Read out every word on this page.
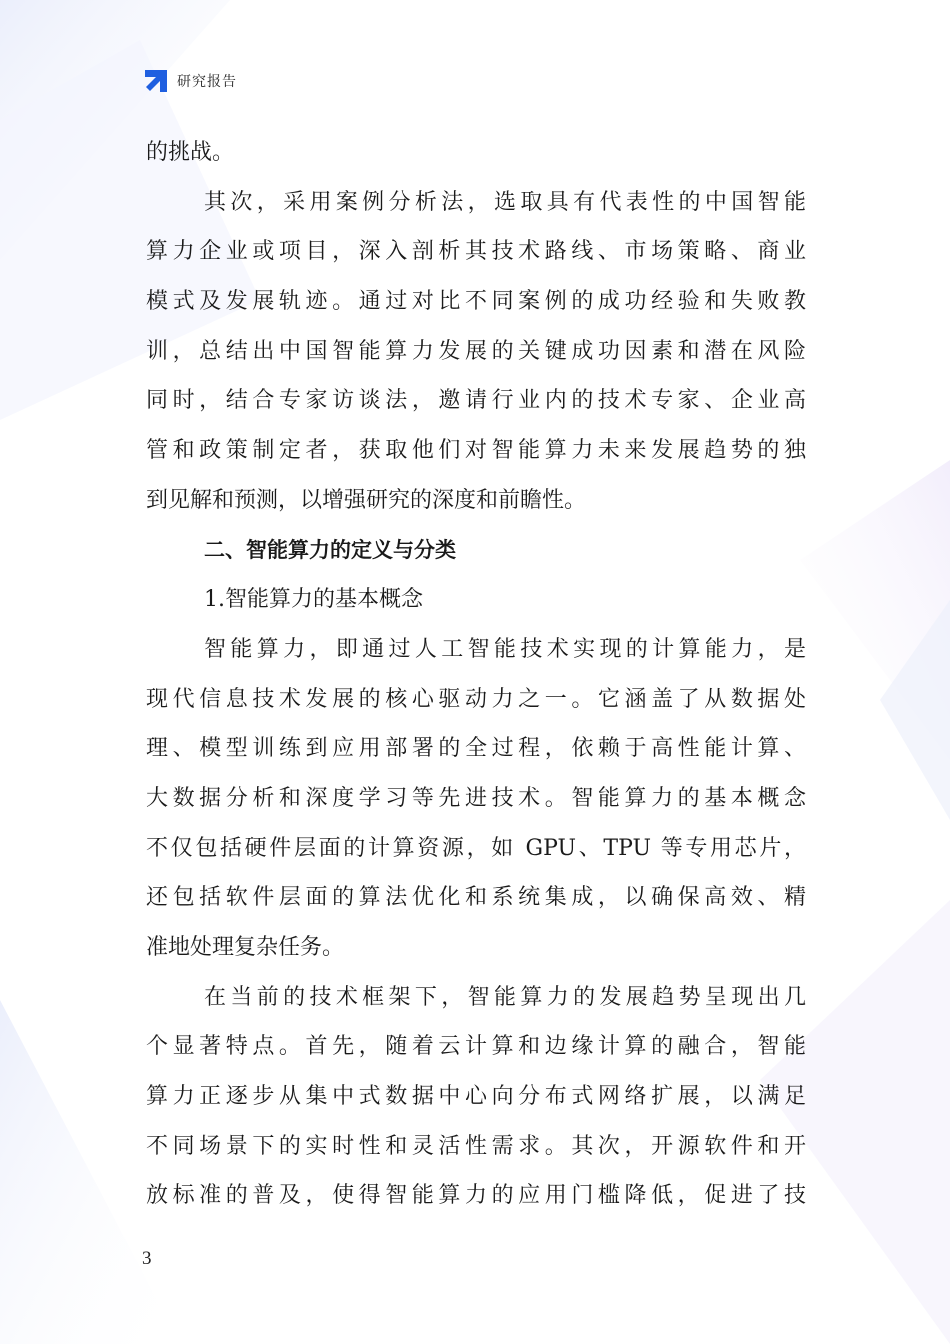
研究报告
的挑战。
其次，采用案例分析法，选取具有代表性的中国智能
算力企业或项目，深入剖析其技术路线、市场策略、商业
模式及发展轨迹。通过对比不同案例的成功经验和失败教
训，总结出中国智能算力发展的关键成功因素和潜在风险
同时，结合专家访谈法，邀请行业内的技术专家、企业高
管和政策制定者，获取他们对智能算力未来发展趋势的独
到见解和预测，以增强研究的深度和前瞻性。
二、智能算力的定义与分类
1.智能算力的基本概念
智能算力，即通过人工智能技术实现的计算能力，是
现代信息技术发展的核心驱动力之一。它涵盖了从数据处
理、模型训练到应用部署的全过程，依赖于高性能计算、
大数据分析和深度学习等先进技术。智能算力的基本概念
不仅包括硬件层面的计算资源，如 GPU、TPU 等专用芯片，
还包括软件层面的算法优化和系统集成，以确保高效、精
准地处理复杂任务。
在当前的技术框架下，智能算力的发展趋势呈现出几
个显著特点。首先，随着云计算和边缘计算的融合，智能
算力正逐步从集中式数据中心向分布式网络扩展，以满足
不同场景下的实时性和灵活性需求。其次，开源软件和开
放标准的普及，使得智能算力的应用门槛降低，促进了技
3
